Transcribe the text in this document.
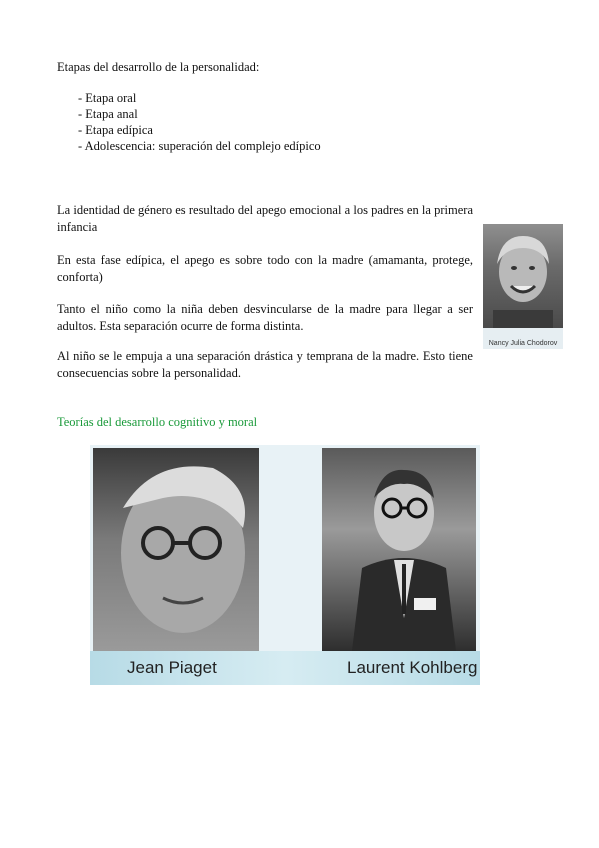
Etapas del desarrollo de la personalidad:
- Etapa oral
- Etapa anal
- Etapa edípica
- Adolescencia: superación del complejo edípico
La identidad de género es resultado del apego emocional a los padres en la primera infancia
En esta fase edípica, el apego es sobre todo con la madre (amamanta, protege, conforta)
Tanto el niño como la niña deben desvincularse de la madre para llegar a ser adultos. Esta separación ocurre de forma distinta.
Al niño se le empuja a una separación drástica y temprana de la madre. Esto tiene consecuencias sobre la personalidad.
Nancy Julia Chodorov
Teorías del desarrollo cognitivo y moral
Jean Piaget	Laurent Kohlberg
